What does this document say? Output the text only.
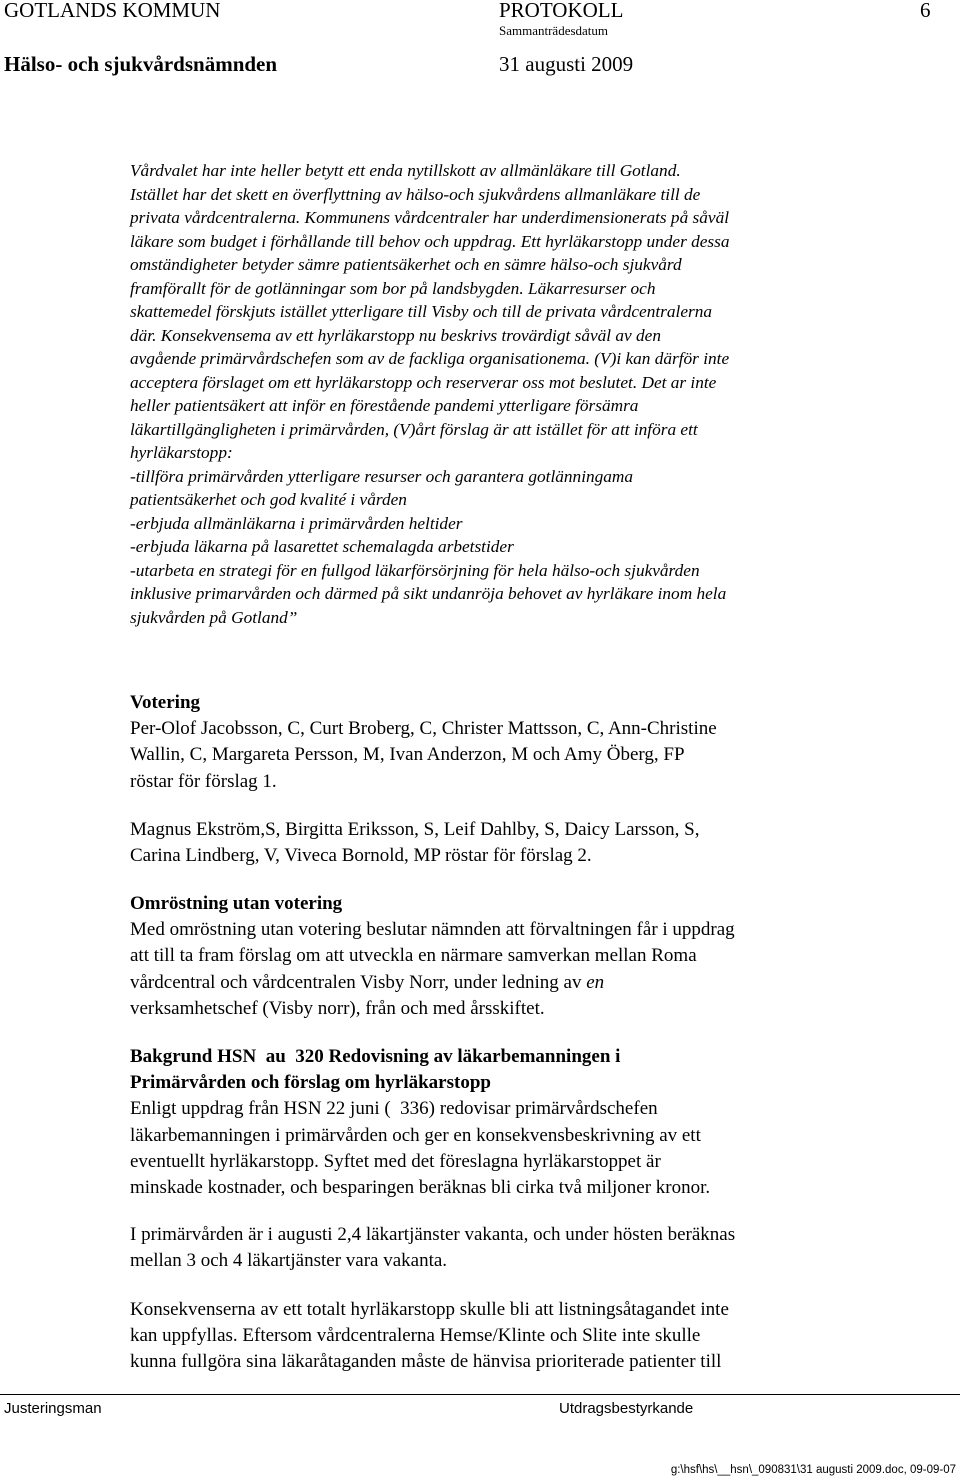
GOTLANDS KOMMUN	PROTOKOLL	6
Sammanträdesdatum
Hälso- och sjukvårdsnämnden	31 augusti 2009
Vårdvalet har inte heller betytt ett enda nytillskott av allmänläkare till Gotland.
Istället har det skett en överflyttning av hälso-och sjukvårdens allmanläkare till de
privata vårdcentralerna. Kommunens vårdcentraler har underdimensionerats på såväl
läkare som budget i förhållande till behov och uppdrag. Ett hyrläkarstopp under dessa
omständigheter betyder sämre patientsäkerhet och en sämre hälso-och sjukvård
framförallt för de gotlänningar som bor på landsbygden. Läkarresurser och
skattemedel förskjuts istället ytterligare till Visby och till de privata vårdcentralerna
där. Konsekvensema av ett hyrläkarstopp nu beskrivs trovärdigt såväl av den
avgående primärvårdschefen som av de fackliga organisationema. (V)i kan därför inte
acceptera förslaget om ett hyrläkarstopp och reserverar oss mot beslutet. Det ar inte
heller patientsäkert att inför en förestående pandemi ytterligare försämra
läkartillgängligheten i primärvården, (V)årt förslag är att istället för att införa ett
hyrläkarstopp:
-tillföra primärvården ytterligare resurser och garantera gotlänningama
patientsäkerhet och god kvalité i vården
-erbjuda allmänläkarna i primärvården heltider
-erbjuda läkarna på lasarettet schemalagda arbetstider
-utarbeta en strategi för en fullgod läkarförsörjning för hela hälso-och sjukvården
inklusive primarvården och därmed på sikt undanröja behovet av hyrläkare inom hela
sjukvården på Gotland”
Votering
Per-Olof Jacobsson, C, Curt Broberg, C, Christer Mattsson, C, Ann-Christine
Wallin, C, Margareta Persson, M, Ivan Anderzon, M och Amy Öberg, FP
röstar för förslag 1.
Magnus Ekström,S, Birgitta Eriksson, S, Leif Dahlby, S, Daicy Larsson, S,
Carina Lindberg, V, Viveca Bornold, MP röstar för förslag 2.
Omröstning utan votering
Med omröstning utan votering beslutar nämnden att förvaltningen får i uppdrag
att till ta fram förslag om att utveckla en närmare samverkan mellan Roma
vårdcentral och vårdcentralen Visby Norr, under ledning av en
verksamhetschef (Visby norr), från och med årsskiftet.
Bakgrund HSN  au  320 Redovisning av läkarbemanningen i
Primärvården och förslag om hyrläkarstopp
Enligt uppdrag från HSN 22 juni (  336) redovisar primärvårdschefen
läkarbemanningen i primärvården och ger en konsekvensbeskrivning av ett
eventuellt hyrläkarstopp. Syftet med det föreslagna hyrläkarstoppet är
minskade kostnader, och besparingen beräknas bli cirka två miljoner kronor.
I primärvården är i augusti 2,4 läkartjänster vakanta, och under hösten beräknas
mellan 3 och 4 läkartjänster vara vakanta.
Konsekvenserna av ett totalt hyrläkarstopp skulle bli att listningsåtagandet inte
kan uppfyllas. Eftersom vårdcentralerna Hemse/Klinte och Slite inte skulle
kunna fullgöra sina läkaråtaganden måste de hänvisa prioriterade patienter till
Justeringsman	Utdragsbestyrkande
g:\hsf\hs\__hsn\_090831\31 augusti 2009.doc, 09-09-07
